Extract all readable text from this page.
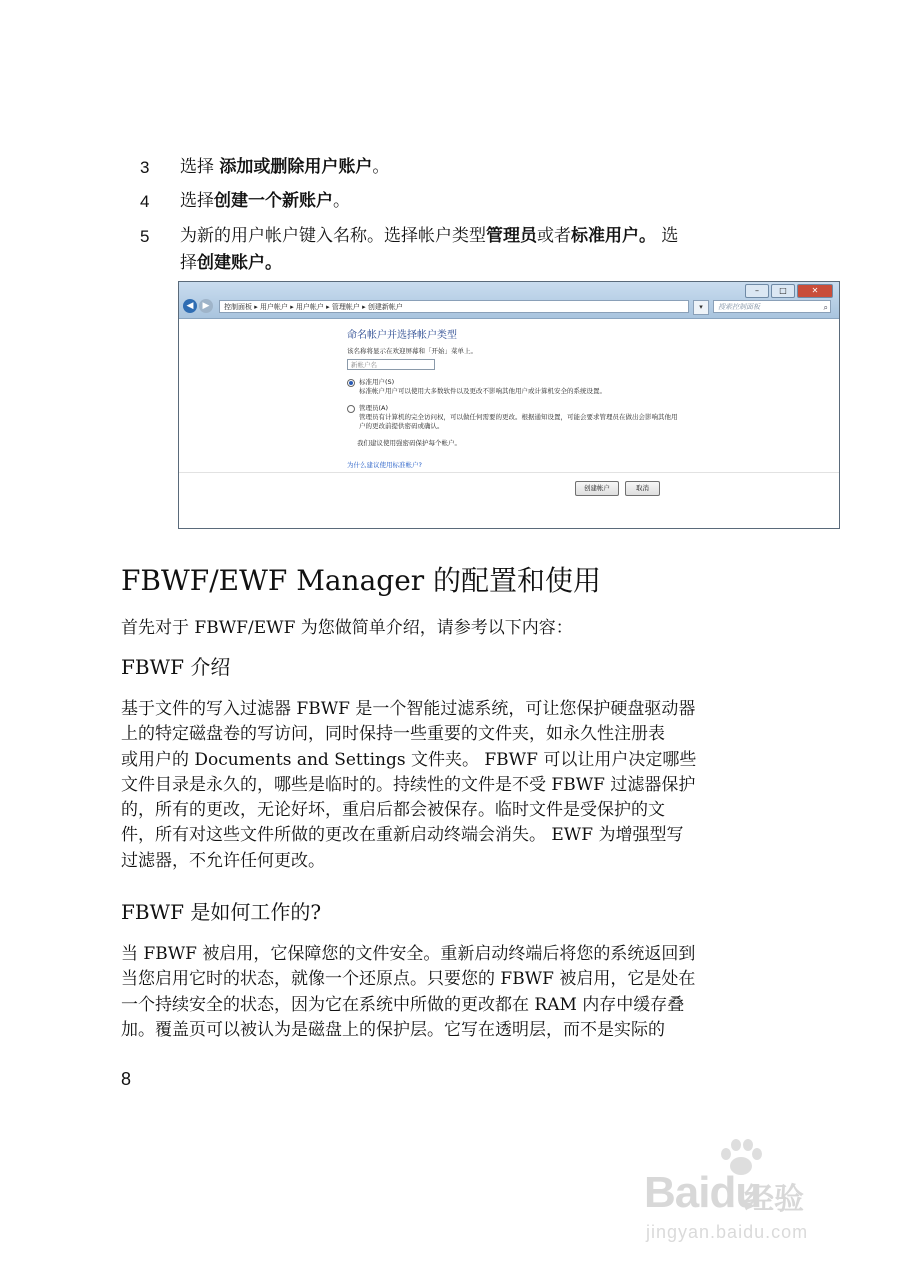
3 选择 添加或删除用户账户。
4 选择创建一个新账户。
5 为新的用户帐户键入名称。选择帐户类型管理员或者标准用户。 选
择创建账户。
–	□	✕
◀	▶	控制面板 ▸ 用户帐户 ▸ 用户帐户 ▸ 管理帐户 ▸ 创建新帐户	▾	搜索控制面板	⌕
命名帐户并选择帐户类型
该名称将显示在欢迎屏幕和「开始」菜单上。
新帐户名
标准用户(S)
标准帐户用户可以使用大多数软件以及更改不影响其他用户或计算机安全的系统设置。
管理员(A)
管理员有计算机的完全访问权，可以做任何需要的更改。根据通知设置，可能会要求管理员在做出会影响其他用户的更改前提供密码或确认。
我们建议使用强密码保护每个帐户。
为什么建议使用标准帐户?
创建帐户	取消
FBWF/EWF Manager 的配置和使用
首先对于 FBWF/EWF 为您做简单介绍，请参考以下内容：
FBWF 介绍
基于文件的写入过滤器 FBWF 是一个智能过滤系统，可让您保护硬盘驱动器
上的特定磁盘卷的写访问，同时保持一些重要的文件夹，如永久性注册表
或用户的 Documents and Settings 文件夹。 FBWF 可以让用户决定哪些
文件目录是永久的，哪些是临时的。持续性的文件是不受 FBWF 过滤器保护
的，所有的更改，无论好坏，重启后都会被保存。临时文件是受保护的文
件，所有对这些文件所做的更改在重新启动终端会消失。 EWF 为增强型写
过滤器，不允许任何更改。
FBWF 是如何工作的?
当 FBWF 被启用，它保障您的文件安全。重新启动终端后将您的系统返回到
当您启用它时的状态，就像一个还原点。只要您的 FBWF 被启用，它是处在
一个持续安全的状态，因为它在系统中所做的更改都在 RAM 内存中缓存叠
加。覆盖页可以被认为是磁盘上的保护层。它写在透明层，而不是实际的
8
Baidu
经验
jingyan.baidu.com
